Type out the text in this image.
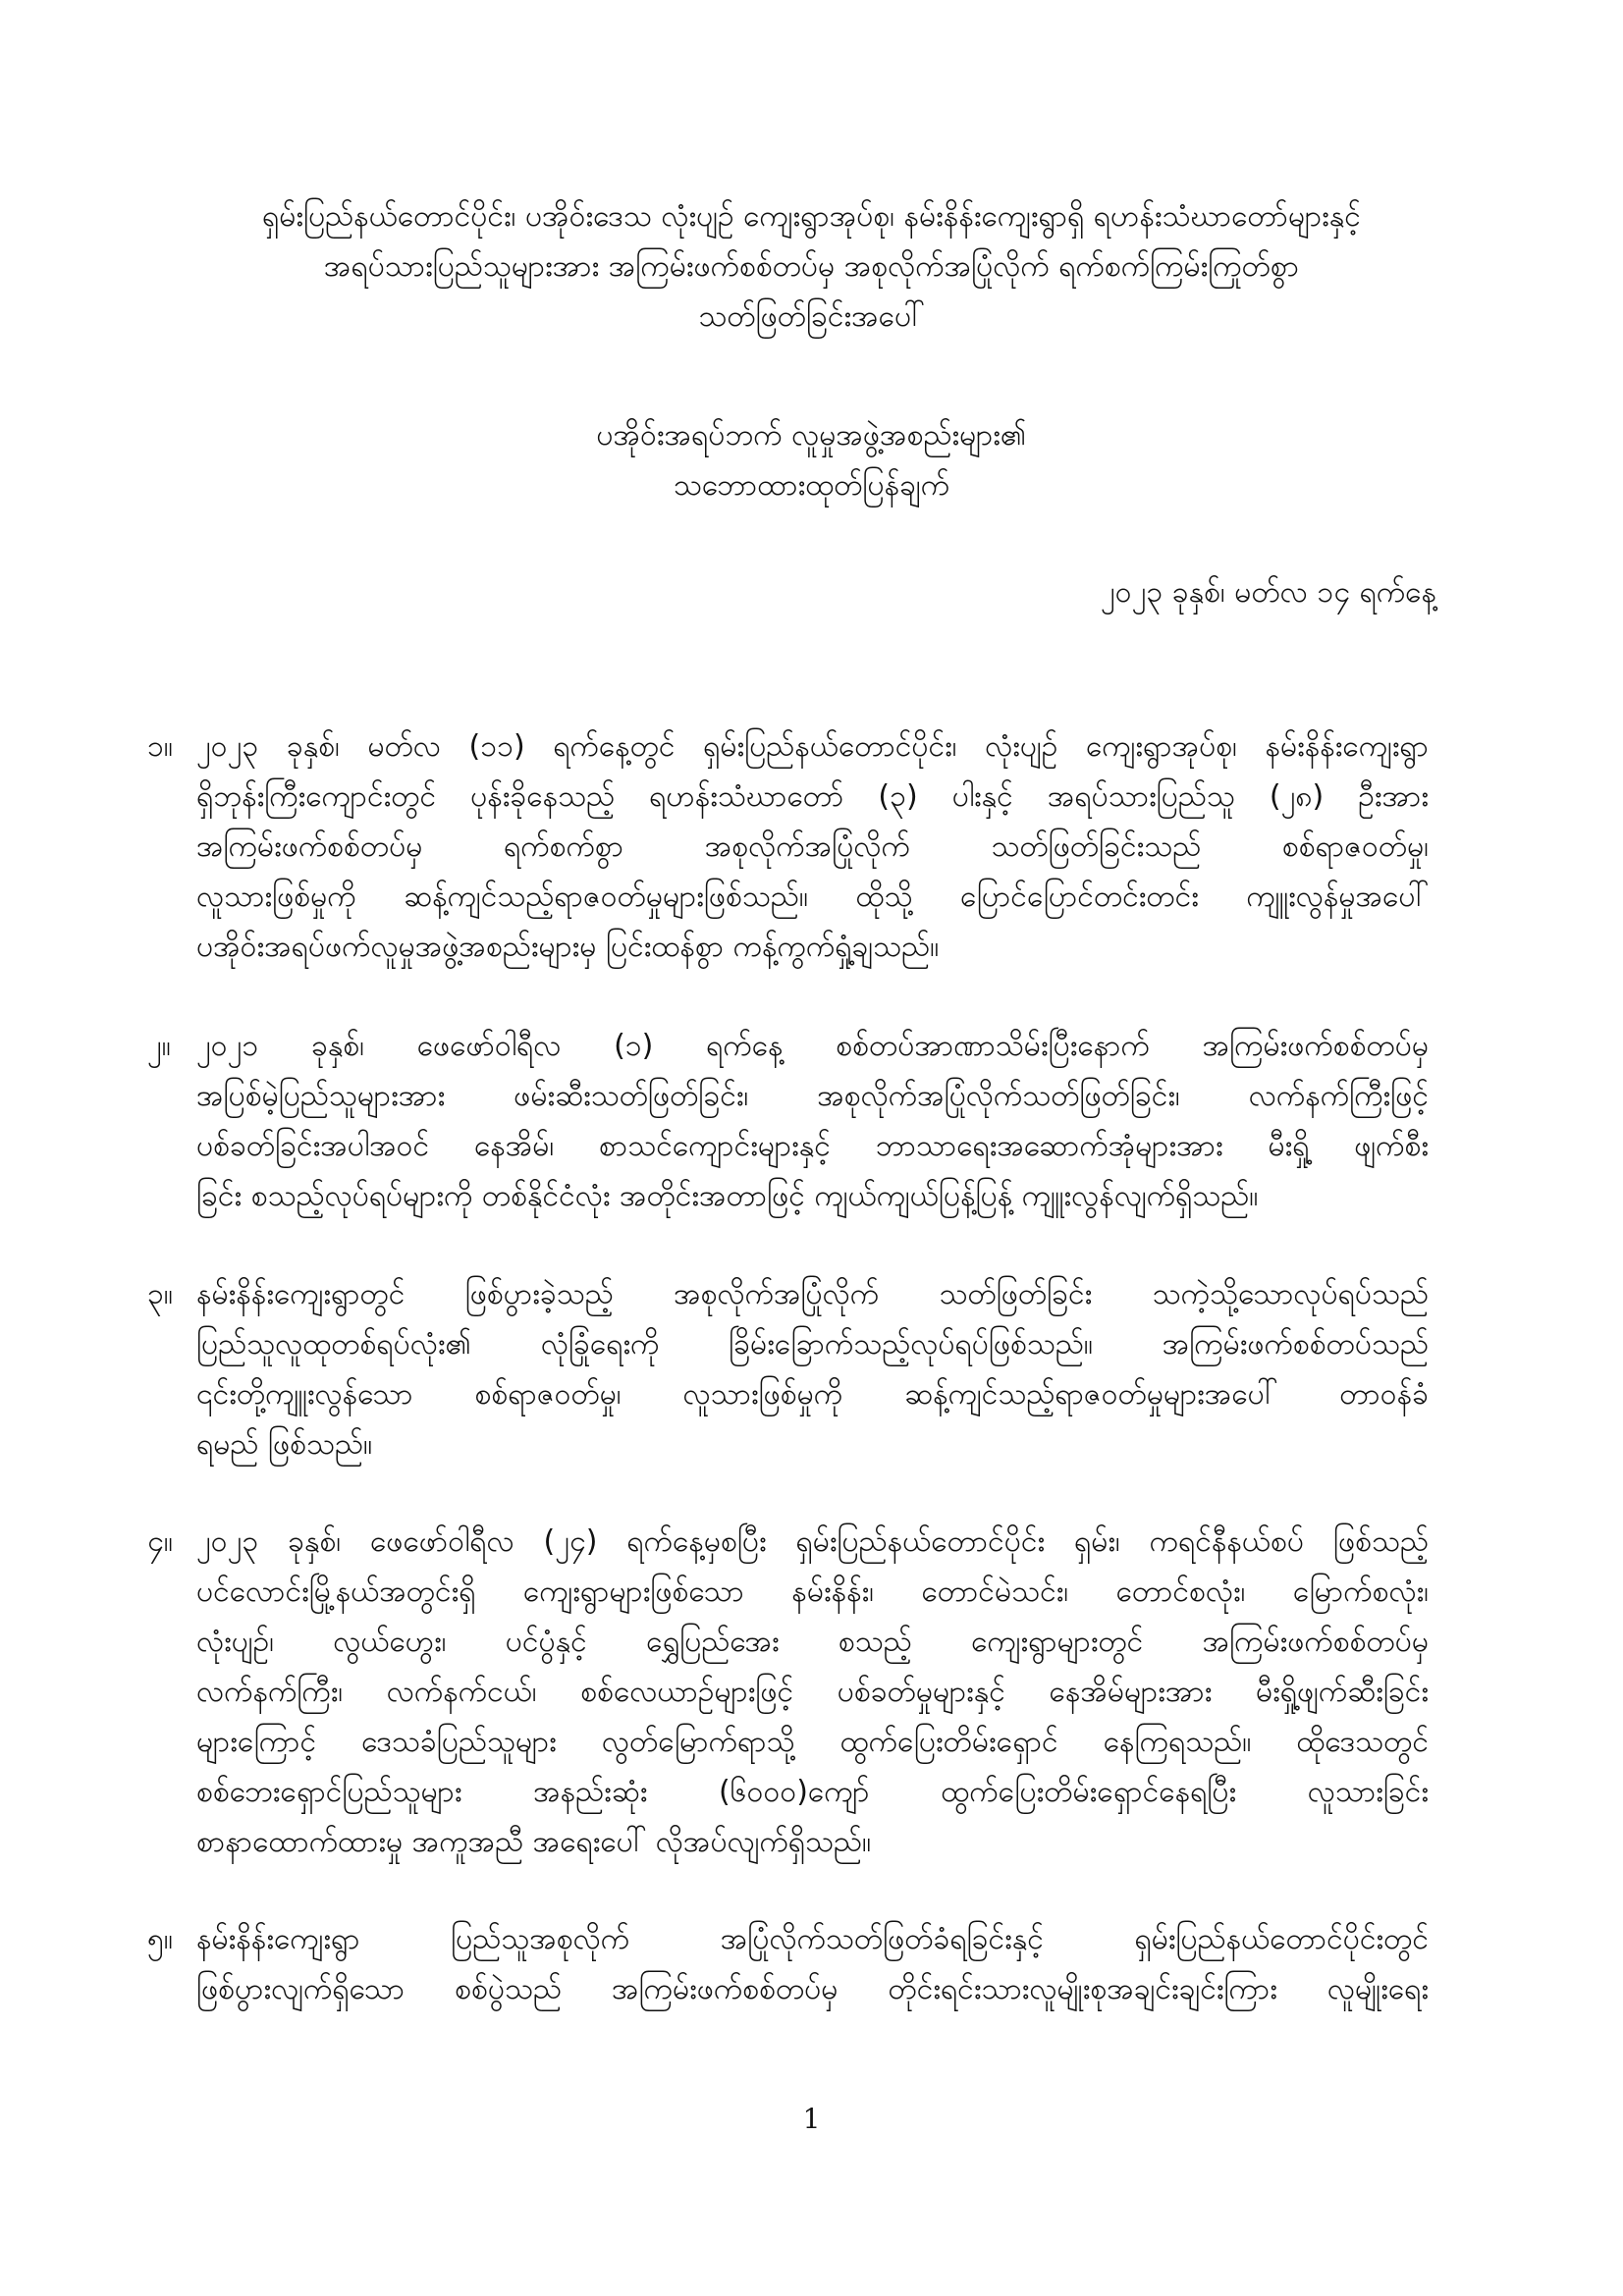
ရှမ်းပြည်နယ်တောင်ပိုင်း၊ ပအိုဝ်းဒေသ လုံးပျဉ် ကျေးရွာအုပ်စု၊ နမ်းနိန်းကျေးရွာရှိ ရဟန်းသံဃာတော်များနှင့်
အရပ်သားပြည်သူများအား အကြမ်းဖက်စစ်တပ်မှ အစုလိုက်အပြုံလိုက် ရက်စက်ကြမ်းကြုတ်စွာ
သတ်ဖြတ်ခြင်းအပေါ်
ပအိုဝ်းအရပ်ဘက် လူမှုအဖွဲ့အစည်းများ၏
သဘောထားထုတ်ပြန်ချက်
၂၀၂၃ ခုနှစ်၊ မတ်လ ၁၄ ရက်နေ့
၁။ ၂၀၂၃ ခုနှစ်၊ မတ်လ (၁၁) ရက်နေ့တွင် ရှမ်းပြည်နယ်တောင်ပိုင်း၊ လုံးပျဉ် ကျေးရွာအုပ်စု၊ နမ်းနိန်းကျေးရွာ
ရှိဘုန်းကြီးကျောင်းတွင် ပုန်းခိုနေသည့် ရဟန်းသံဃာတော် (၃) ပါးနှင့် အရပ်သားပြည်သူ (၂၈) ဦးအား
အကြမ်းဖက်စစ်တပ်မှ ရက်စက်စွာ အစုလိုက်အပြုံလိုက် သတ်ဖြတ်ခြင်းသည် စစ်ရာဇဝတ်မှု၊
လူသားဖြစ်မှုကို ဆန့်ကျင်သည့်ရာဇဝတ်မှုများဖြစ်သည်။ ထိုသို့ ပြောင်ပြောင်တင်းတင်း ကျူးလွန်မှုအပေါ်
ပအိုဝ်းအရပ်ဖက်လူမှုအဖွဲ့အစည်းများမှ ပြင်းထန်စွာ ကန့်ကွက်ရှုံ့ချသည်။
၂။ ၂၀၂၁ ခုနှစ်၊ ဖေဖော်ဝါရီလ (၁) ရက်နေ့ စစ်တပ်အာဏာသိမ်းပြီးနောက် အကြမ်းဖက်စစ်တပ်မှ
အပြစ်မဲ့ပြည်သူများအား ဖမ်းဆီးသတ်ဖြတ်ခြင်း၊ အစုလိုက်အပြုံလိုက်သတ်ဖြတ်ခြင်း၊ လက်နက်ကြီးဖြင့်
ပစ်ခတ်ခြင်းအပါအဝင် နေအိမ်၊ စာသင်ကျောင်းများနှင့် ဘာသာရေးအဆောက်အုံများအား မီးရှို့ ဖျက်စီး
ခြင်း စသည့်လုပ်ရပ်များကို တစ်နိုင်ငံလုံး အတိုင်းအတာဖြင့် ကျယ်ကျယ်ပြန့်ပြန့် ကျူးလွန်လျက်ရှိသည်။
၃။ နမ်းနိန်းကျေးရွာတွင် ဖြစ်ပွားခဲ့သည့် အစုလိုက်အပြုံလိုက် သတ်ဖြတ်ခြင်း သကဲ့သို့သောလုပ်ရပ်သည်
ပြည်သူလူထုတစ်ရပ်လုံး၏ လုံခြုံရေးကို ခြိမ်းခြောက်သည့်လုပ်ရပ်ဖြစ်သည်။ အကြမ်းဖက်စစ်တပ်သည်
၎င်းတို့ကျူးလွန်သော စစ်ရာဇဝတ်မှု၊ လူသားဖြစ်မှုကို ဆန့်ကျင်သည့်ရာဇဝတ်မှုများအပေါ် တာဝန်ခံ
ရမည် ဖြစ်သည်။
၄။ ၂၀၂၃ ခုနှစ်၊ ဖေဖော်ဝါရီလ (၂၄) ရက်နေ့မှစပြီး ရှမ်းပြည်နယ်တောင်ပိုင်း ရှမ်း၊ ကရင်နီနယ်စပ် ဖြစ်သည့်
ပင်လောင်းမြို့နယ်အတွင်းရှိ ကျေးရွာများဖြစ်သော နမ်းနိန်း၊ တောင်မဲသင်း၊ တောင်စလုံး၊ မြောက်စလုံး၊
လုံးပျဉ်၊ လွယ်ဟွေး၊ ပင်ပွံနှင့် ရွှေပြည်အေး စသည့် ကျေးရွာများတွင် အကြမ်းဖက်စစ်တပ်မှ
လက်နက်ကြီး၊ လက်နက်ငယ်၊ စစ်လေယာဉ်များဖြင့် ပစ်ခတ်မှုများနှင့် နေအိမ်များအား မီးရှို့ဖျက်ဆီးခြင်း
များကြောင့် ဒေသခံပြည်သူများ လွတ်မြောက်ရာသို့ ထွက်ပြေးတိမ်းရှောင် နေကြရသည်။ ထိုဒေသတွင်
စစ်ဘေးရှောင်ပြည်သူများ အနည်းဆုံး (၆၀၀၀)ကျော် ထွက်ပြေးတိမ်းရှောင်နေရပြီး လူသားခြင်း
စာနာထောက်ထားမှု အကူအညီ အရေးပေါ် လိုအပ်လျက်ရှိသည်။
၅။ နမ်းနိန်းကျေးရွာ ပြည်သူအစုလိုက် အပြုံလိုက်သတ်ဖြတ်ခံရခြင်းနှင့် ရှမ်းပြည်နယ်တောင်ပိုင်းတွင်
ဖြစ်ပွားလျက်ရှိသော စစ်ပွဲသည် အကြမ်းဖက်စစ်တပ်မှ တိုင်းရင်းသားလူမျိုးစုအချင်းချင်းကြား လူမျိုးရေး
1
